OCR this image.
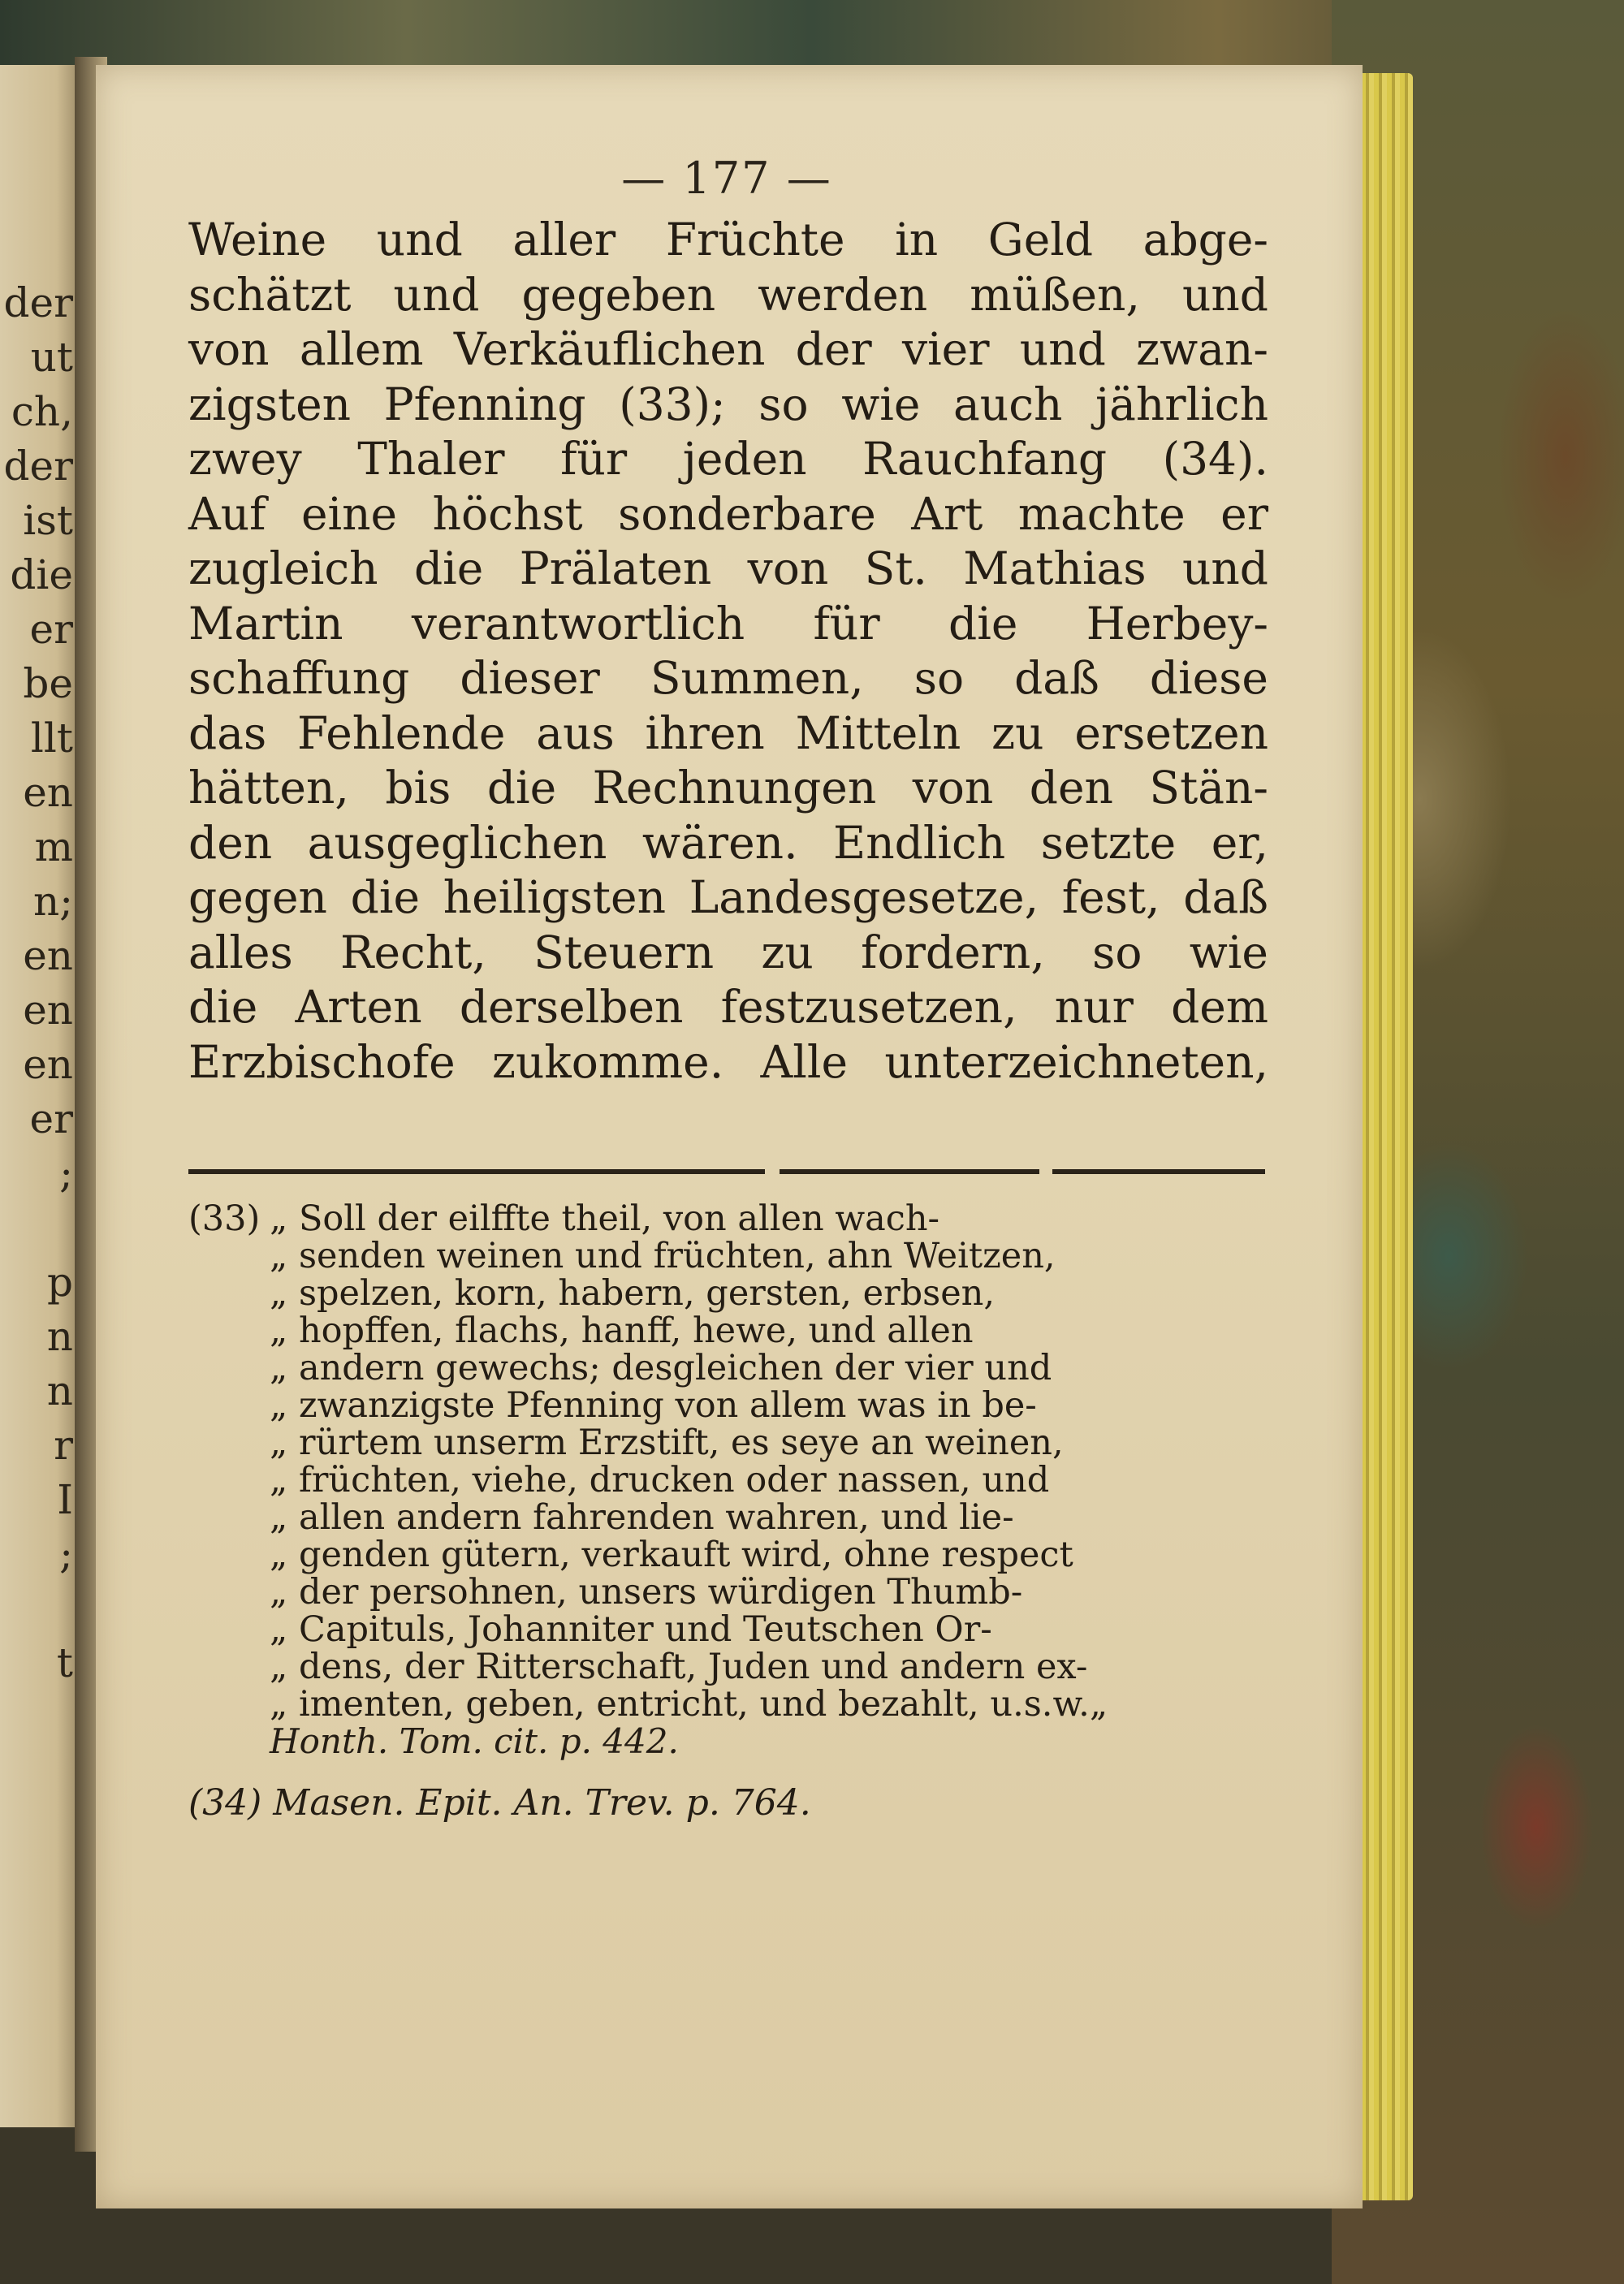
der
ut
ch,
der
ist
die
er
be
llt
en
m
n;
en
en
en
er
;

p
n
n
r
I
;

t

— 177 —
Weine und aller Früchte in Geld abge-
schätzt und gegeben werden müßen, und
von allem Verkäuflichen der vier und zwan-
zigsten Pfenning (33); so wie auch jährlich
zwey Thaler für jeden Rauchfang (34).
Auf eine höchst sonderbare Art machte er
zugleich die Prälaten von St. Mathias und
Martin verantwortlich für die Herbey-
schaffung dieser Summen, so daß diese
das Fehlende aus ihren Mitteln zu ersetzen
hätten, bis die Rechnungen von den Stän-
den ausgeglichen wären. Endlich setzte er,
gegen die heiligsten Landesgesetze, fest, daß
alles Recht, Steuern zu fordern, so wie
die Arten derselben festzusetzen, nur dem
Erzbischofe zukomme. Alle unterzeichneten,
(33) „ Soll der eilffte theil, von allen wach-
„ senden weinen und früchten, ahn Weitzen,
„ spelzen, korn, habern, gersten, erbsen,
„ hopffen, flachs, hanff, hewe, und allen
„ andern gewechs; desgleichen der vier und
„ zwanzigste Pfenning von allem was in be-
„ rürtem unserm Erzstift, es seye an weinen,
„ früchten, viehe, drucken oder nassen, und
„ allen andern fahrenden wahren, und lie-
„ genden gütern, verkauft wird, ohne respect
„ der persohnen, unsers würdigen Thumb-
„ Capituls, Johanniter und Teutschen Or-
„ dens, der Ritterschaft, Juden und andern ex-
„ imenten, geben, entricht, und bezahlt, u.s.w.„
Honth. Tom. cit. p. 442.
(34) Masen. Epit. An. Trev. p. 764.
